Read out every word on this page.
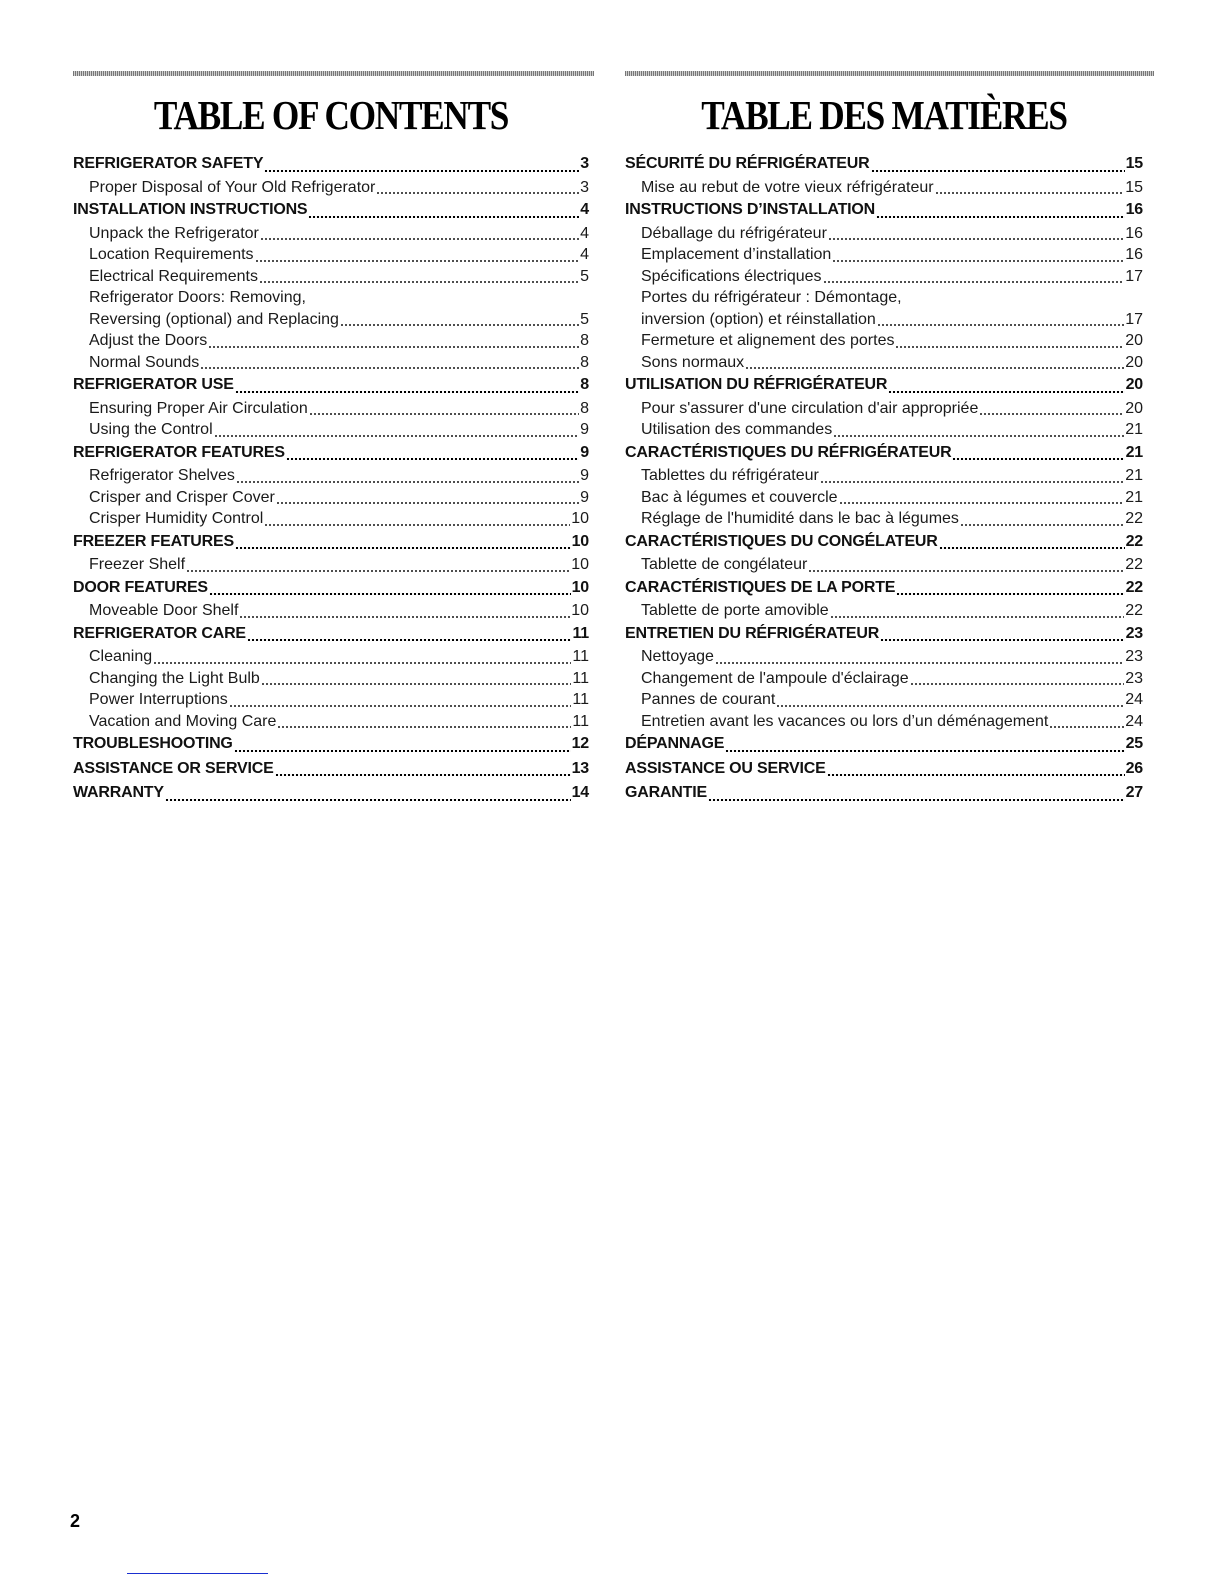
TABLE OF CONTENTS
REFRIGERATOR SAFETY	3
Proper Disposal of Your Old Refrigerator	3
INSTALLATION INSTRUCTIONS	4
Unpack the Refrigerator	4
Location Requirements	4
Electrical Requirements	5
Refrigerator Doors: Removing,
Reversing (optional) and Replacing	5
Adjust the Doors	8
Normal Sounds	8
REFRIGERATOR USE	8
Ensuring Proper Air Circulation	8
Using the Control	9
REFRIGERATOR FEATURES	9
Refrigerator Shelves	9
Crisper and Crisper Cover	9
Crisper Humidity Control	10
FREEZER FEATURES	10
Freezer Shelf	10
DOOR FEATURES	10
Moveable Door Shelf	10
REFRIGERATOR CARE	11
Cleaning	11
Changing the Light Bulb	11
Power Interruptions	11
Vacation and Moving Care	11
TROUBLESHOOTING	12
ASSISTANCE OR SERVICE	13
WARRANTY	14
TABLE DES MATIÈRES
SÉCURITÉ DU RÉFRIGÉRATEUR	15
Mise au rebut de votre vieux réfrigérateur	15
INSTRUCTIONS D’INSTALLATION	16
Déballage du réfrigérateur	16
Emplacement d’installation	16
Spécifications électriques	17
Portes du réfrigérateur : Démontage,
inversion (option) et réinstallation	17
Fermeture et alignement des portes	20
Sons normaux	20
UTILISATION DU RÉFRIGÉRATEUR	20
Pour s'assurer d'une circulation d'air appropriée	20
Utilisation des commandes	21
CARACTÉRISTIQUES DU RÉFRIGÉRATEUR	21
Tablettes du réfrigérateur	21
Bac à légumes et couvercle	21
Réglage de l'humidité dans le bac à légumes	22
CARACTÉRISTIQUES DU CONGÉLATEUR	22
Tablette de congélateur	22
CARACTÉRISTIQUES DE LA PORTE	22
Tablette de porte amovible	22
ENTRETIEN DU RÉFRIGÉRATEUR	23
Nettoyage	23
Changement de l'ampoule d'éclairage	23
Pannes de courant	24
Entretien avant les vacances ou lors d’un déménagement	24
DÉPANNAGE	25
ASSISTANCE OU SERVICE	26
GARANTIE	27
2
